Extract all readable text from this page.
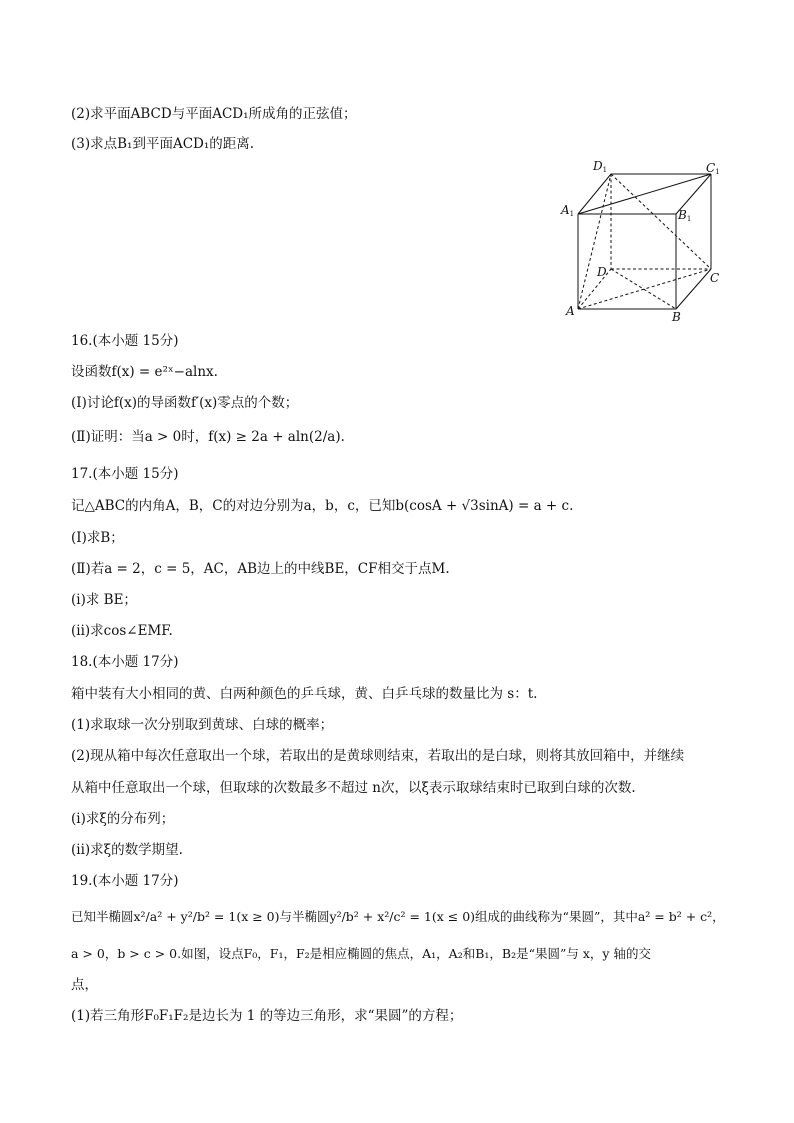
(2)求平面ABCD与平面ACD₁所成角的正弦值；
(3)求点B₁到平面ACD₁的距离.
D1	C1
A1	B1
D	C
A	B
16.(本小题 15分)
设函数f(x) = e²ˣ−alnx.
(Ⅰ)讨论f(x)的导函数f′(x)零点的个数；
(Ⅱ)证明：当a > 0时，f(x) ≥ 2a + aln(2/a).
17.(本小题 15分)
记△ABC的内角A，B，C的对边分别为a，b，c，已知b(cosA + √3sinA) = a + c.
(Ⅰ)求B；
(Ⅱ)若a = 2，c = 5，AC，AB边上的中线BE，CF相交于点M.
(i)求 BE；
(ii)求cos∠EMF.
18.(本小题 17分)
箱中装有大小相同的黄、白两种颜色的乒乓球，黄、白乒乓球的数量比为 s：t.
(1)求取球一次分别取到黄球、白球的概率；
(2)现从箱中每次任意取出一个球，若取出的是黄球则结束，若取出的是白球，则将其放回箱中，并继续
从箱中任意取出一个球，但取球的次数最多不超过 n次，以ξ表示取球结束时已取到白球的次数.
(i)求ξ的分布列；
(ii)求ξ的数学期望.
19.(本小题 17分)
已知半椭圆x²/a² + y²/b² = 1(x ≥ 0)与半椭圆y²/b² + x²/c² = 1(x ≤ 0)组成的曲线称为“果圆”，其中a² = b² + c²，
a > 0，b > c > 0.如图，设点F₀，F₁，F₂是相应椭圆的焦点，A₁，A₂和B₁，B₂是“果圆”与 x，y 轴的交
点，
(1)若三角形F₀F₁F₂是边长为 1 的等边三角形，求“果圆”的方程；
